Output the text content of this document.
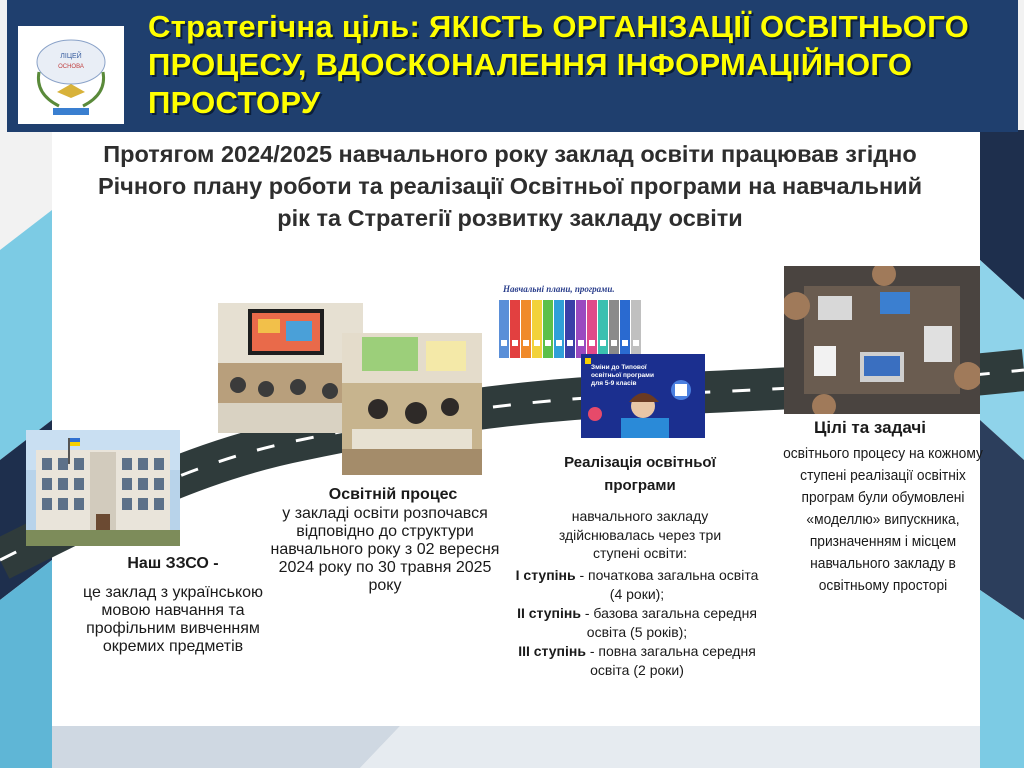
ЛІЦЕЙ
ОСНОВА
Стратегічна ціль: ЯКІСТЬ ОРГАНІЗАЦІЇ ОСВІТНЬОГО ПРОЦЕСУ, ВДОСКОНАЛЕННЯ ІНФОРМАЦІЙНОГО ПРОСТОРУ

Протягом 2024/2025 навчального року заклад освіти працював згідно Річного плану роботи та реалізації Освітньої програми на навчальний рік та Стратегії розвитку закладу освіти

Навчальні плани, програми.
Зміни до Типової освітньої програми для 5-9 класів

Наш ЗЗСО -

це заклад з українською мовою навчання та профільним вивченням окремих предметів

Освітній процес

у закладі освіти розпочався відповідно до структури навчального року з 02 вересня 2024 року по 30 травня 2025 року

Реалізація освітньої програми

навчального закладу здійснювалась через три ступені освіти:

І ступінь - початкова загальна освіта (4 роки);
ІІ ступінь - базова загальна середня освіта (5 років);
ІІІ ступінь - повна загальна середня освіта (2 роки)

Цілі та задачі

освітнього процесу на кожному ступені реалізації освітніх програм були обумовлені «моделлю» випускника, призначенням і місцем навчального закладу в освітньому просторі
